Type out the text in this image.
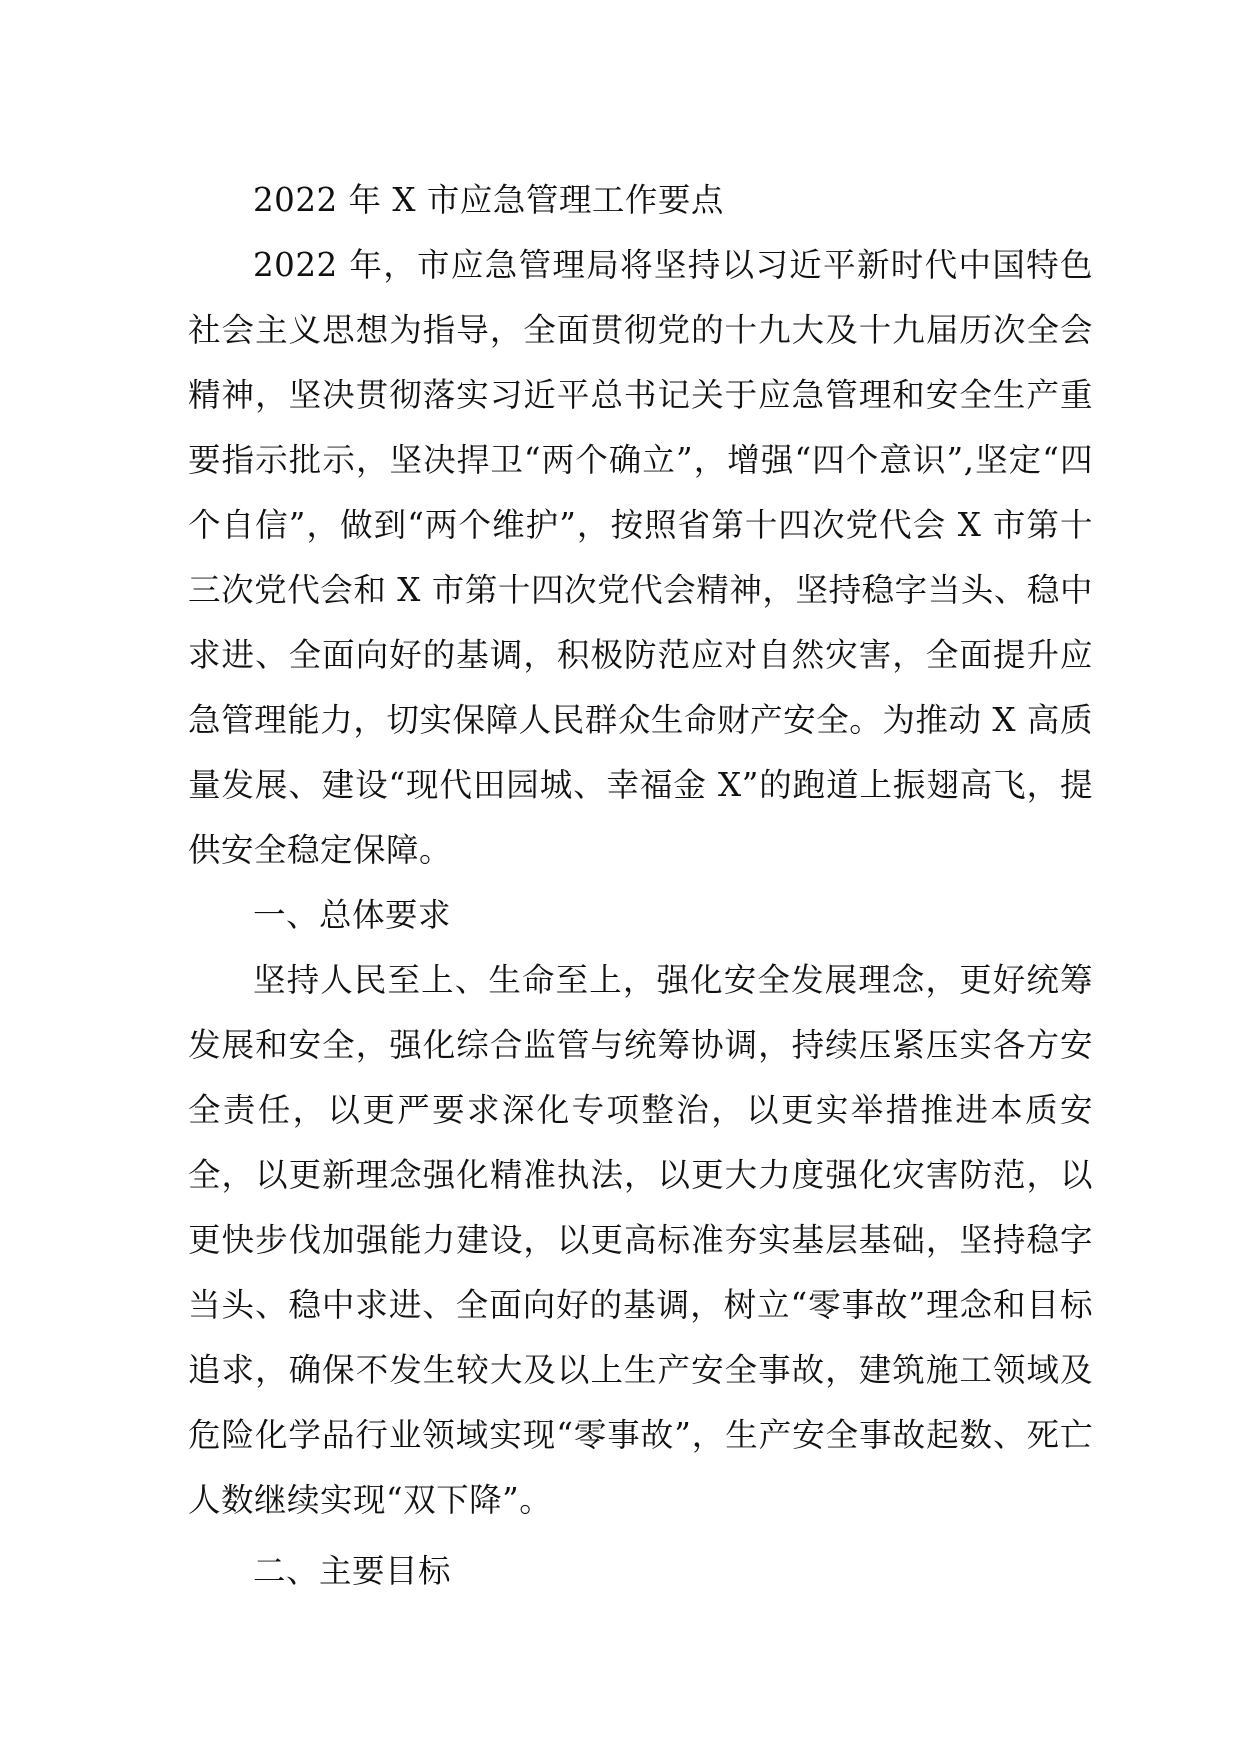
2022 年 X 市应急管理工作要点

2022 年，市应急管理局将坚持以习近平新时代中国特色社会主义思想为指导，全面贯彻党的十九大及十九届历次全会精神，坚决贯彻落实习近平总书记关于应急管理和安全生产重要指示批示，坚决捍卫“两个确立”，增强“四个意识”,坚定“四个自信”，做到“两个维护”，按照省第十四次党代会 X 市第十三次党代会和 X 市第十四次党代会精神，坚持稳字当头、稳中求进、全面向好的基调，积极防范应对自然灾害，全面提升应急管理能力，切实保障人民群众生命财产安全。为推动 X 高质量发展、建设“现代田园城、幸福金 X”的跑道上振翅高飞，提供安全稳定保障。

一、总体要求

坚持人民至上、生命至上，强化安全发展理念，更好统筹发展和安全，强化综合监管与统筹协调，持续压紧压实各方安全责任，以更严要求深化专项整治，以更实举措推进本质安全，以更新理念强化精准执法，以更大力度强化灾害防范，以更快步伐加强能力建设，以更高标准夯实基层基础，坚持稳字当头、稳中求进、全面向好的基调，树立“零事故”理念和目标追求，确保不发生较大及以上生产安全事故，建筑施工领域及危险化学品行业领域实现“零事故”，生产安全事故起数、死亡人数继续实现“双下降”。

二、主要目标
